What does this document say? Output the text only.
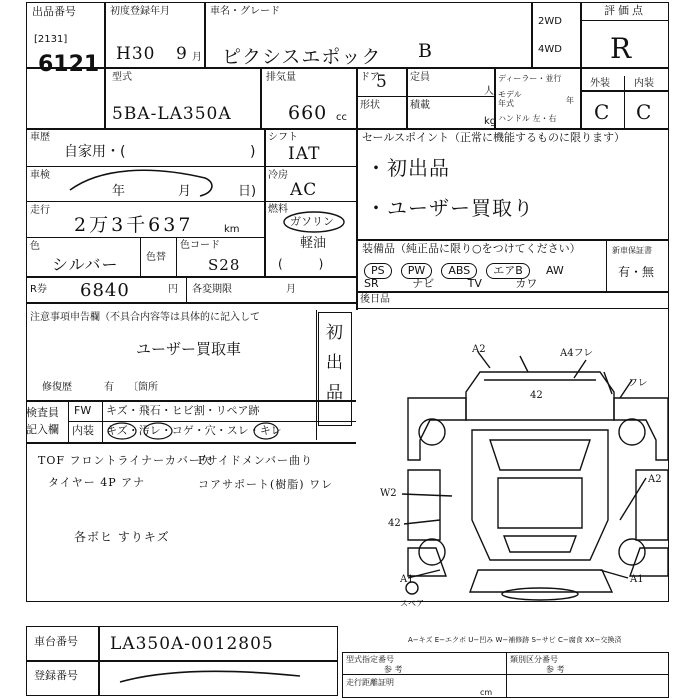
出品番号
[2131]
6121
初度登録年月
H30 9 月
車名・グレード
ピクシスエポック B
2WD
4WD
評価点
R
型式
5BA-LA350A
排気量
660 cc
ドア
5
形状
定員
人
積載
kg
ディーラー・並行
モデル年式	年
ハンドル 左・右
外装 内装
C C
車歴
自家用・(	)
車検
年	月	日)
走行
2万3千637	km
色
シルバー	色替
色コード
S28
R券 6840	円 各変期限	月
シフト
IAT
冷房
AC
燃料
ガソリン
軽油
(　　　)
セールスポイント（正常に機能するものに限ります）
・初出品
・ユーザー買取り
装備品（純正品に限り○をつけてください）	新車保証書
PS PW ABS エアB AW
SR	ナビ	TV	カワ
有・無
後日品
注意事項申告欄（不具合内容等は具体的に記入して
ユーザー買取車
初出品
修復歴	有 〔箇所
検査員記入欄
FW キズ・飛石・ヒビ割・リペア跡
内装 キズ・汚レ・コゲ・穴・スレ・キレ
TOF フロントライナーカバー欠
タイヤー 4P アナ
各ボヒ すりキズ
Fサイドメンバー曲り
コアサポート(樹脂) ワレ
A2	A4フレ
42
フレ
A2
W2
42
A1	A1
スペア
A−キズ E−エクボ U−凹み W−補修跡 S−サビ C−腐食 XX−交換済
車台番号 LA350A-0012805
登録番号
型式指定番号
参 考
類別区分番号
参 考
走行距離証明
cm
